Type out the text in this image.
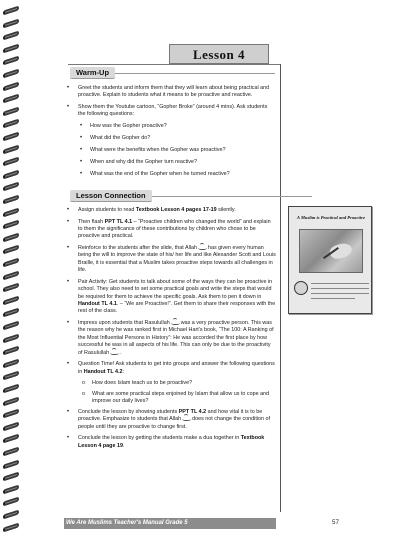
Lesson 4
Warm-Up

• Greet the students and inform them that they will learn about being practical and proactive. Explain to students what it means to be proactive and reactive.

• Show them the Youtube cartoon, “Gopher Broke” (around 4 mins). Ask students the following questions:

• How was the Gopher proactive?

• What did the Gopher do?

• What were the benefits when the Gopher was proactive?

• When and why did the Gopher turn reactive?

• What was the end of the Gopher when he turned reactive?

Lesson Connection

• Assign students to read Textbook Lesson 4 pages 17-19 silently.

• Then flash PPT TL 4.1 – “Proactive children who changed the world” and explain to them the significance of these contributions by children who chose to be proactive and practical.

• Reinforce to the students after the slide, that Allah has given every human being the will to improve the state of his/ her life and like Alexander Scott and Louis Braille, it is essential that a Muslim takes proactive steps towards all challenges in life.

• Pair Activity: Get students to talk about some of the ways they can be proactive in school. They also need to set some practical goals and write the steps that would be required for them to achieve the specific goals. Ask them to pen it down in Handout TL 4.1. – “We are Proactive!”. Get them to share their responses with the rest of the class.

• Impress upon students that Rasulullah was a very proactive person. This was the reason why he was ranked first in Michael Hart’s book, “The 100: A Ranking of the Most Influential Persons in History”: He was accorded the first place by how successful he was in all aspects of his life. This can only be due to the proactivity of Rasulullah .

• Question Time! Ask students to get into groups and answer the following questions in Handout TL 4.2:

o How does Islam teach us to be proactive?

o What are some practical steps enjoined by Islam that allow us to cope and improve our daily lives?

• Conclude the lesson by showing students PPT TL 4.2 and how vital it is to be proactive. Emphasize to students that Allah does not change the condition of people until they are proactive to change first.

• Conclude the lesson by getting the students make a dua together in Textbook Lesson 4 page 19.

A Muslim is Practical and Proactive
We Are Muslims Teacher's Manual Grade 5	57
